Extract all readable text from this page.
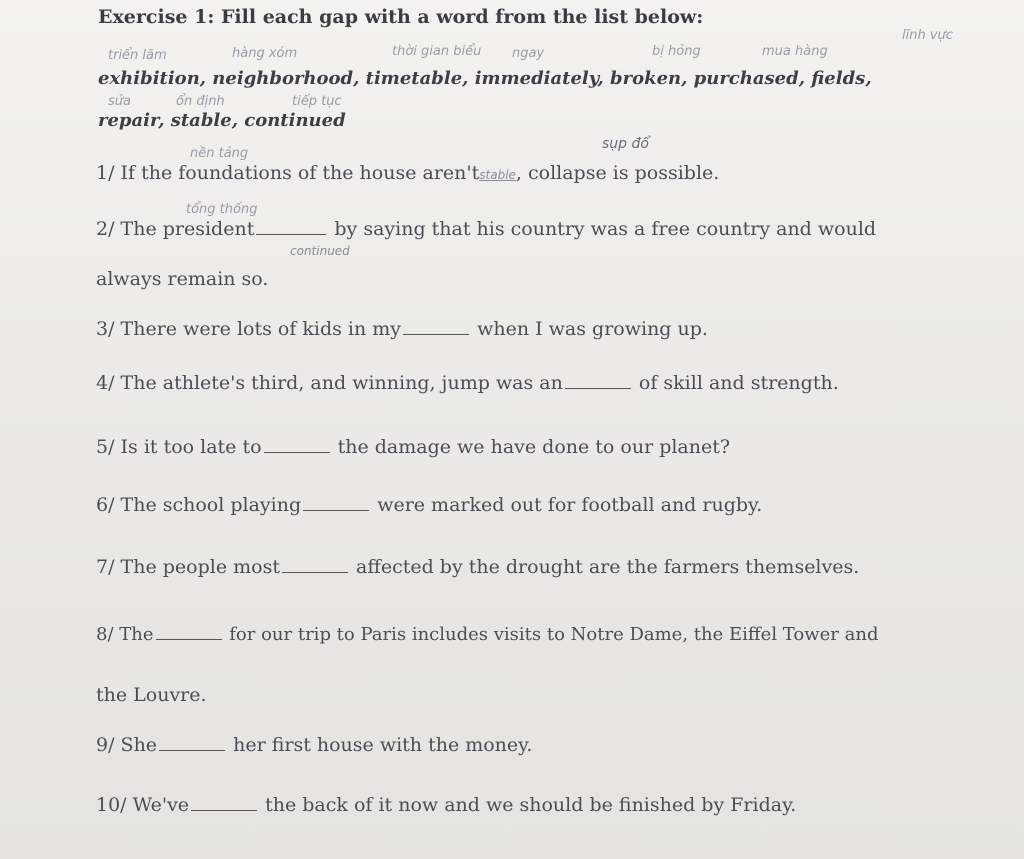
Exercise 1: Fill each gap with a word from the list below:
triển lãm	hàng xóm	thời gian biểu ngay	bị hỏng	mua hàng
lĩnh vực
exhibition, neighborhood, timetable, immediately, broken, purchased, fields,
sửa	ổn định	tiếp tục
repair, stable, continued
nền tảng
sụp đổ
1/ If the foundations of the house aren'tstable, collapse is possible.
tổng thống
2/ The president	by saying that his country was a free country and would
continued
always remain so.
3/ There were lots of kids in my	when I was growing up.
4/ The athlete's third, and winning, jump was an	of skill and strength.
5/ Is it too late to	the damage we have done to our planet?
6/ The school playing	were marked out for football and rugby.
7/ The people most	affected by the drought are the farmers themselves.
8/ The	for our trip to Paris includes visits to Notre Dame, the Eiffel Tower and
the Louvre.
9/ She	her first house with the money.
10/ We've	the back of it now and we should be finished by Friday.
